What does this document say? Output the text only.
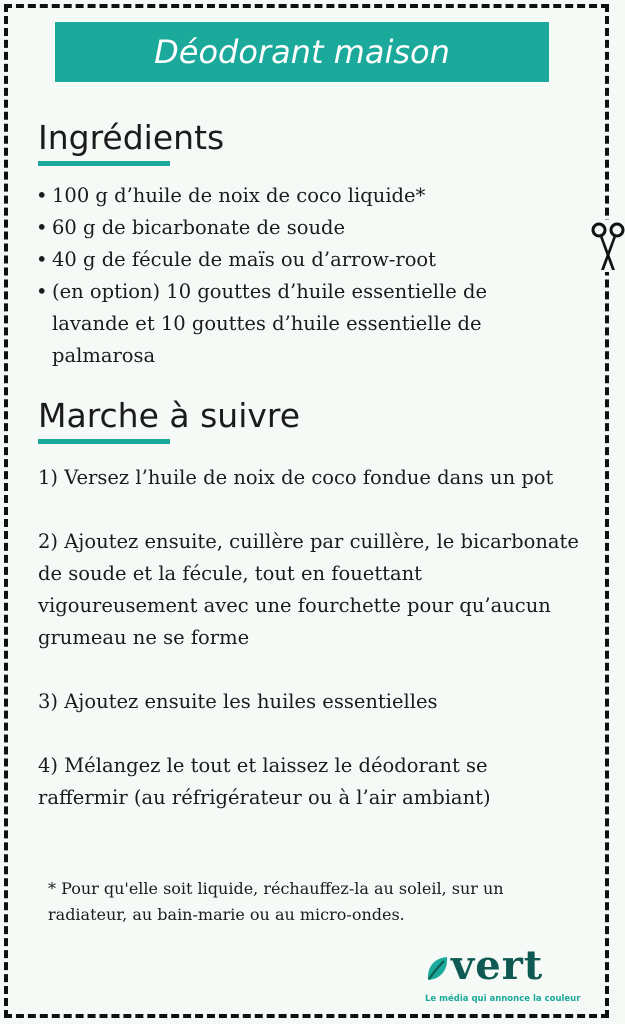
Déodorant maison
Ingrédients
• 100 g d’huile de noix de coco liquide*
• 60 g de bicarbonate de soude
• 40 g de fécule de maïs ou d’arrow-root
• (en option) 10 gouttes d’huile essentielle de lavande et 10 gouttes d’huile essentielle de palmarosa
Marche à suivre

1) Versez l’huile de noix de coco fondue dans un pot

2) Ajoutez ensuite, cuillère par cuillère, le bicarbonate de soude et la fécule, tout en fouettant vigoureusement avec une fourchette pour qu’aucun grumeau ne se forme

3) Ajoutez ensuite les huiles essentielles

4) Mélangez le tout et laissez le déodorant se raffermir (au réfrigérateur ou à l’air ambiant)

* Pour qu'elle soit liquide, réchauffez-la au soleil, sur un radiateur, au bain-marie ou au micro-ondes.
vert
Le média qui annonce la couleur
